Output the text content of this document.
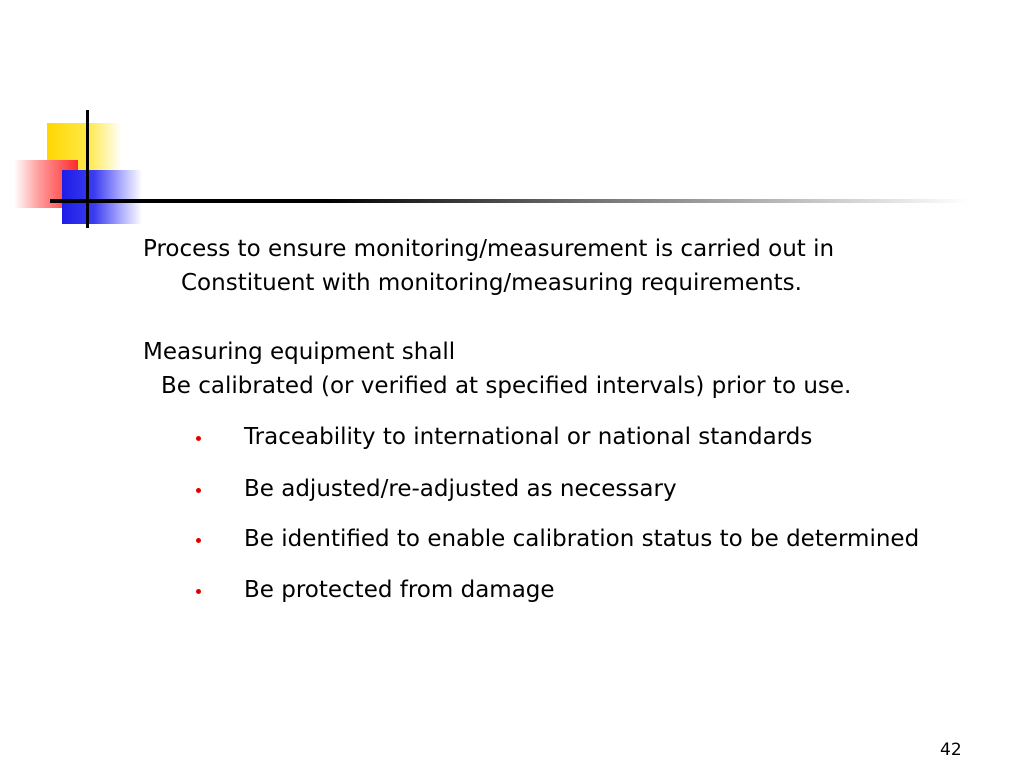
Process to ensure monitoring/measurement is carried out in
Constituent with monitoring/measuring requirements.
Measuring equipment shall
Be calibrated (or verified at specified intervals) prior to use.
Traceability to international or national standards
Be adjusted/re-adjusted as necessary
Be identified to enable calibration status to be determined
Be protected from damage
42
